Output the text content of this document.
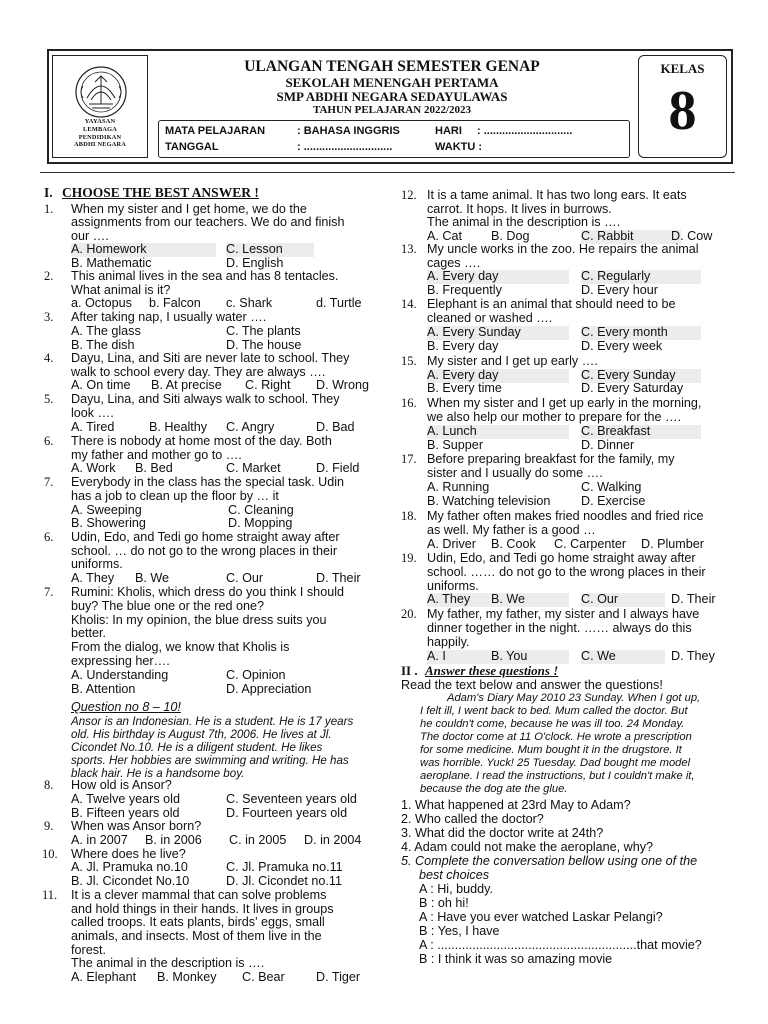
YAYASAN
LEMBAGA
PENDIDIKAN
ABDHI NEGARA
ULANGAN TENGAH SEMESTER GENAP
SEKOLAH MENENGAH PERTAMA
SMP ABDHI NEGARA SEDAYULAWAS
TAHUN PELAJARAN 2022/2023
MATA PELAJARAN	: BAHASA INGGRIS	HARI : .............................
TANGGAL	: .............................	WAKTU :
KELAS
8
I. CHOOSE THE BEST ANSWER !
1. When my sister and I get home, we do the
assignments from our teachers. We do and finish
our ….
A. Homework	C. Lesson
B. Mathematic	D. English
2. This animal lives in the sea and has 8 tentacles.
What animal is it?
a. Octopus b. Falcon c. Shark	d. Turtle
3. After taking nap, I usually water ….
A. The glass	C. The plants
B. The dish	D. The house
4. Dayu, Lina, and Siti are never late to school. They
walk to school every day. They are always ….
A. On time B. At precise C. Right D. Wrong
5. Dayu, Lina, and Siti always walk to school. They
look ….
A. Tired	B. Healthy C. Angry	D. Bad
6. There is nobody at home most of the day. Both
my father and mother go to ….
A. Work B. Bed	C. Market	D. Field
7. Everybody in the class has the special task. Udin
has a job to clean up the floor by … it
A. Sweeping	C. Cleaning
B. Showering	D. Mopping
6. Udin, Edo, and Tedi go home straight away after
school. … do not go to the wrong places in their
uniforms.
A. They B. We	C. Our	D. Their
7. Rumini: Kholis, which dress do you think I should
buy? The blue one or the red one?
Kholis: In my opinion, the blue dress suits you
better.
From the dialog, we know that Kholis is
expressing her….
A. Understanding	C. Opinion
B. Attention	D. Appreciation
Question no 8 – 10!
Ansor is an Indonesian. He is a student. He is 17 years
old. His birthday is August 7th, 2006. He lives at Jl.
Cicondet No.10. He is a diligent student. He likes
sports. Her hobbies are swimming and writing. He has
black hair. He is a handsome boy.
8. How old is Ansor?
A. Twelve years old	C. Seventeen years old
B. Fifteen years old	D. Fourteen years old
9. When was Ansor born?
A. in 2007 B. in 2006 C. in 2005 D. in 2004
10. Where does he live?
A. Jl. Pramuka no.10	C. Jl. Pramuka no.11
B. Jl. Cicondet No.10	D. Jl. Cicondet no.11
11. It is a clever mammal that can solve problems
and hold things in their hands. It lives in groups
called troops. It eats plants, birds' eggs, small
animals, and insects. Most of them live in the
forest.
The animal in the description is ….
A. Elephant B. Monkey C. Bear D. Tiger
12. It is a tame animal. It has two long ears. It eats
carrot. It hops. It lives in burrows.
The animal in the description is ….
A. Cat B. Dog	C. Rabbit	D. Cow
13. My uncle works in the zoo. He repairs the animal
cages ….
A. Every day	C. Regularly
B. Frequently	D. Every hour
14. Elephant is an animal that should need to be
cleaned or washed ….
A. Every Sunday	C. Every month
B. Every day	D. Every week
15. My sister and I get up early ….
A. Every day	C. Every Sunday
B. Every time	D. Every Saturday
16. When my sister and I get up early in the morning,
we also help our mother to prepare for the ….
A. Lunch	C. Breakfast
B. Supper	D. Dinner
17. Before preparing breakfast for the family, my
sister and I usually do some ….
A. Running	C. Walking
B. Watching television D. Exercise
18. My father often makes fried noodles and fried rice
as well. My father is a good …
A. Driver B. Cook C. Carpenter D. Plumber
19. Udin, Edo, and Tedi go home straight away after
school. …… do not go to the wrong places in their
uniforms.
A. They	B. We	C. Our	D. Their
20. My father, my father, my sister and I always have
dinner together in the night. …… always do this
happily.
A. I	B. You	C. We	D. They
II . Answer these questions !
Read the text below and answer the questions!
Adam's Diary May 2010 23 Sunday. When I got up,
I felt ill, I went back to bed. Mum called the doctor. But
he couldn't come, because he was ill too. 24 Monday.
The doctor come at 11 O'clock. He wrote a prescription
for some medicine. Mum bought it in the drugstore. It
was horrible. Yuck! 25 Tuesday. Dad bought me model
aeroplane. I read the instructions, but I couldn't make it,
because the dog ate the glue.
1. What happened at 23rd May to Adam?
2. Who called the doctor?
3. What did the doctor write at 24th?
4. Adam could not make the aeroplane, why?
5. Complete the conversation bellow using one of the
best choices
A : Hi, buddy.
B : oh hi!
A : Have you ever watched Laskar Pelangi?
B : Yes, I have
A : .........................................................that movie?
B : I think it was so amazing movie
